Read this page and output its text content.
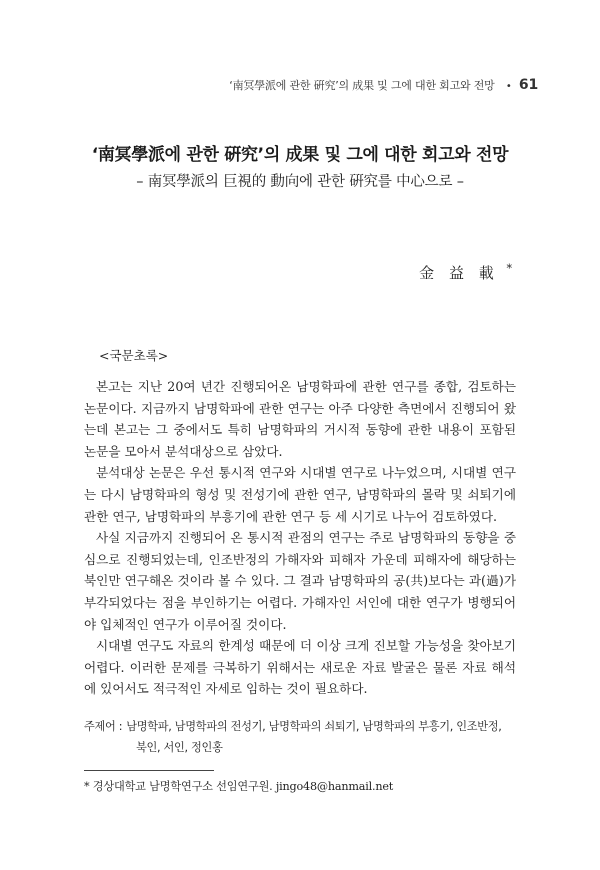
‘南冥學派에 관한 硏究’의 成果 및 그에 대한 회고와 전망 • 61
‘南冥學派에 관한 硏究’의 成果 및 그에 대한 회고와 전망
– 南冥學派의 巨視的 動向에 관한 硏究를 中心으로 –
金 益 載 *
<국문초록>

본고는 지난 20여 년간 진행되어온 남명학파에 관한 연구를 종합, 검토하는 논문이다. 지금까지 남명학파에 관한 연구는 아주 다양한 측면에서 진행되어 왔는데 본고는 그 중에서도 특히 남명학파의 거시적 동향에 관한 내용이 포함된 논문을 모아서 분석대상으로 삼았다.

분석대상 논문은 우선 통시적 연구와 시대별 연구로 나누었으며, 시대별 연구는 다시 남명학파의 형성 및 전성기에 관한 연구, 남명학파의 몰락 및 쇠퇴기에 관한 연구, 남명학파의 부흥기에 관한 연구 등 세 시기로 나누어 검토하였다.

사실 지금까지 진행되어 온 통시적 관점의 연구는 주로 남명학파의 동향을 중심으로 진행되었는데, 인조반정의 가해자와 피해자 가운데 피해자에 해당하는 북인만 연구해온 것이라 볼 수 있다. 그 결과 남명학파의 공(共)보다는 과(過)가 부각되었다는 점을 부인하기는 어렵다. 가해자인 서인에 대한 연구가 병행되어야 입체적인 연구가 이루어질 것이다.

시대별 연구도 자료의 한계성 때문에 더 이상 크게 진보할 가능성을 찾아보기 어렵다. 이러한 문제를 극복하기 위해서는 새로운 자료 발굴은 물론 자료 해석에 있어서도 적극적인 자세로 임하는 것이 필요하다.

주제어 : 남명학파, 남명학파의 전성기, 남명학파의 쇠퇴기, 남명학파의 부흥기, 인조반정,
북인, 서인, 정인홍
* 경상대학교 남명학연구소 선임연구원. jingo48@hanmail.net
